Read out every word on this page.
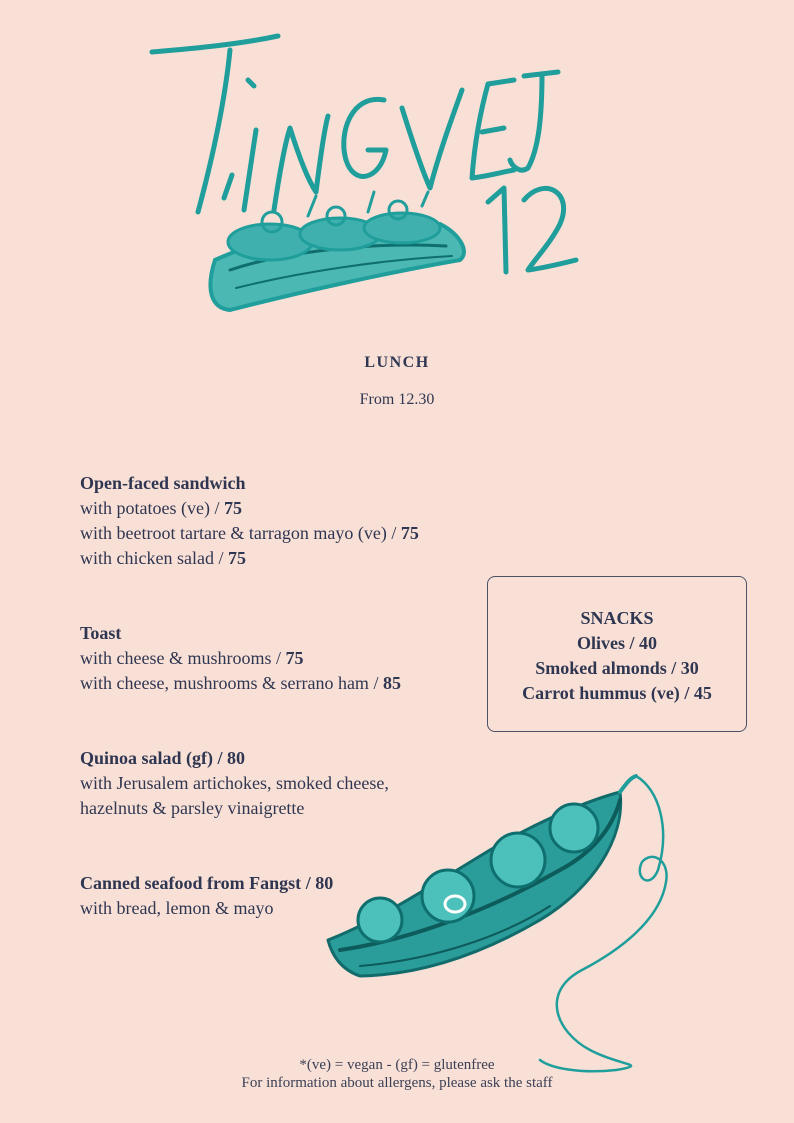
LUNCH
From 12.30
Open-faced sandwich
with potatoes (ve) / 75
with beetroot tartare & tarragon mayo (ve) / 75
with chicken salad / 75
Toast
with cheese & mushrooms / 75
with cheese, mushrooms & serrano ham / 85
Quinoa salad (gf) / 80
with Jerusalem artichokes, smoked cheese,
hazelnuts & parsley vinaigrette
Canned seafood from Fangst / 80
with bread, lemon & mayo
SNACKS
Olives / 40
Smoked almonds / 30
Carrot hummus (ve) / 45
*(ve) = vegan - (gf) = glutenfree
For information about allergens, please ask the staff
